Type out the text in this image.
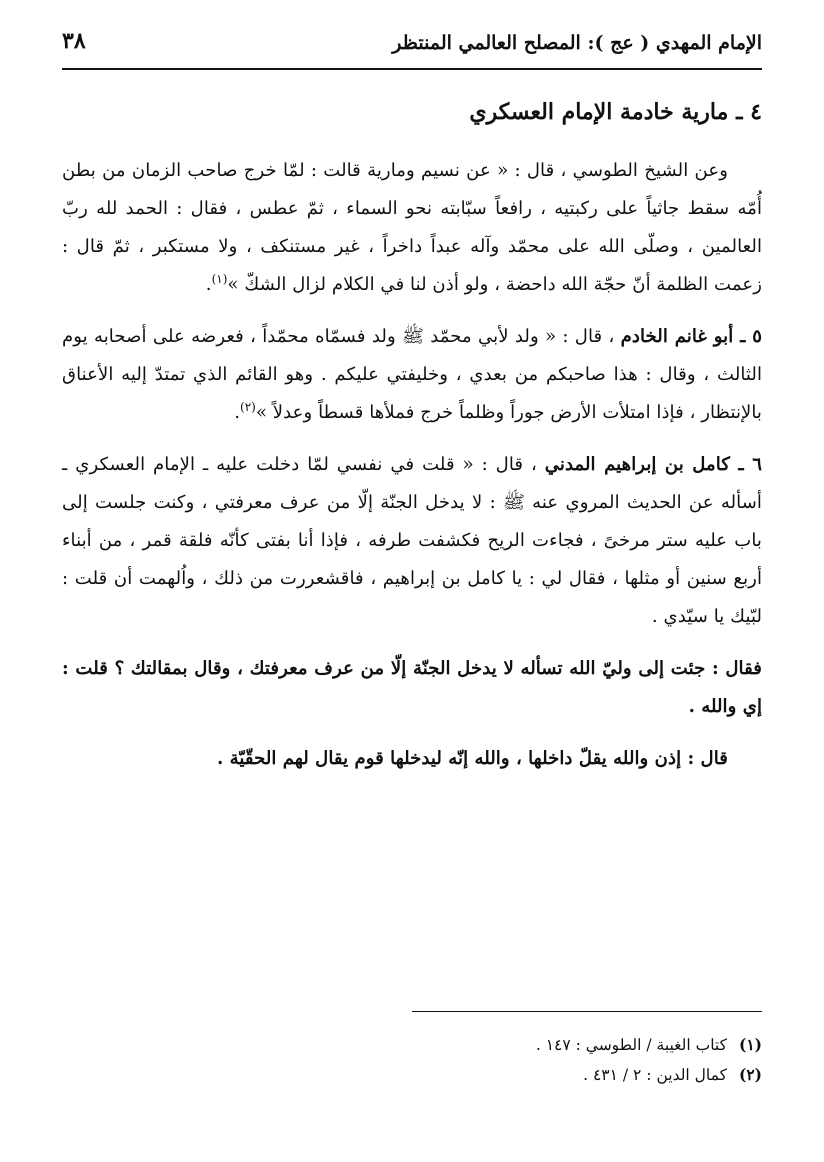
٣٨	الإمام المهدي ( عج ): المصلح العالمي المنتظر
٤ ـ مارية خادمة الإمام العسكري

وعن الشيخ الطوسي ، قال : « عن نسيم ومارية قالت : لمّا خرج صاحب الزمان من بطن أُمّه سقط جاثياً على ركبتيه ، رافعاً سبّابته نحو السماء ، ثمّ عطس ، فقال : الحمد لله ربّ العالمين ، وصلّى الله على محمّد وآله عبداً داخراً ، غير مستنكف ، ولا مستكبر ، ثمّ قال : زعمت الظلمة أنّ حجّة الله داحضة ، ولو أذن لنا في الكلام لزال الشكّ »$^{(١)}$.

٥ ـ أبو غانم الخادم ، قال : « ولد لأبي محمّد ﷺ ولد فسمّاه محمّداً ، فعرضه على أصحابه يوم الثالث ، وقال : هذا صاحبكم من بعدي ، وخليفتي عليكم . وهو القائم الذي تمتدّ إليه الأعناق بالإنتظار ، فإذا امتلأت الأرض جوراً وظلماً خرج فملأها قسطاً وعدلاً »$^{(٢)}$.

٦ ـ كامل بن إبراهيم المدني ، قال : « قلت في نفسي لمّا دخلت عليه ـ الإمام العسكري ـ أسأله عن الحديث المروي عنه ﷺ : لا يدخل الجنّة إلّا من عرف معرفتي ، وكنت جلست إلى باب عليه ستر مرخىً ، فجاءت الريح فكشفت طرفه ، فإذا أنا بفتى كأنّه فلقة قمر ، من أبناء أربع سنين أو مثلها ، فقال لي : يا كامل بن إبراهيم ، فاقشعررت من ذلك ، واُلهمت أن قلت : لبّيك يا سيّدي .

فقال : جئت إلى وليّ الله تسأله لا يدخل الجنّة إلّا من عرف معرفتك ، وقال بمقالتك ؟ قلت : إي والله .

قال : إذن والله يقلّ داخلها ، والله إنّه ليدخلها قوم يقال لهم الحقّيّة .

(١)كتاب الغيبة / الطوسي : ١٤٧ .
(٢)كمال الدين : ٢ / ٤٣١ .
